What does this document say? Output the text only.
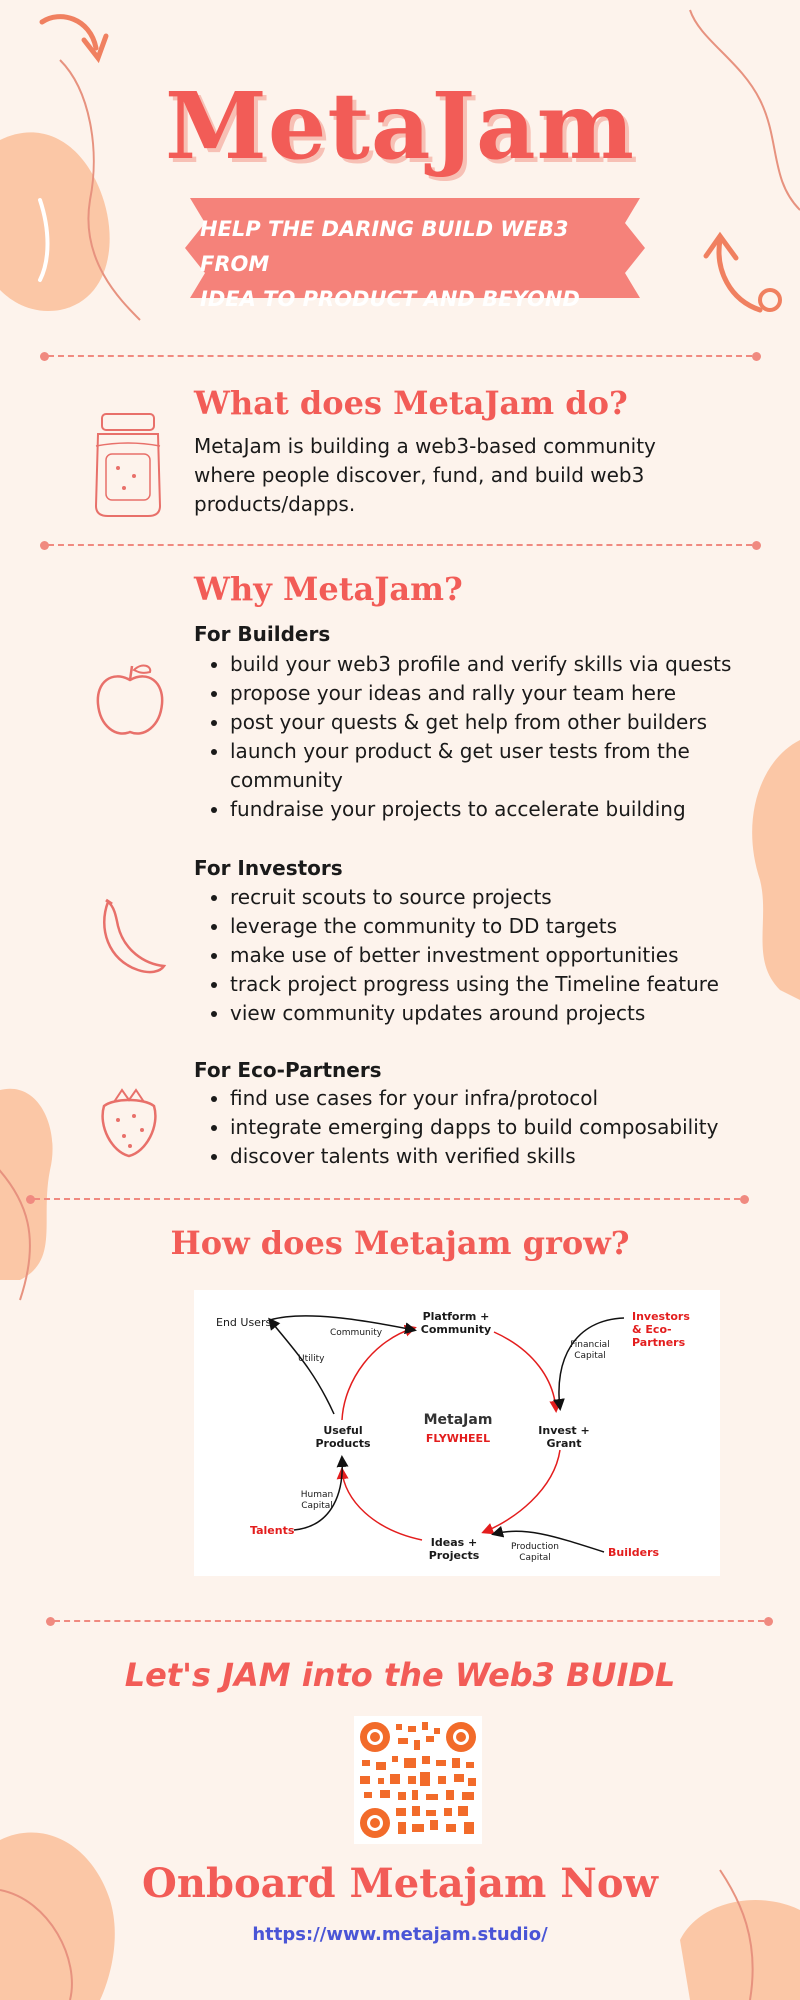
MetaJam
HELP THE DARING BUILD WEB3 FROM
IDEA TO PRODUCT AND BEYOND
What does MetaJam do?
MetaJam is building a web3-based community where people discover, fund, and build web3 products/dapps.
Why MetaJam?
For Builders
• build your web3 profile and verify skills via quests
• propose your ideas and rally your team here
• post your quests & get help from other builders
• launch your product & get user tests from the community
• fundraise your projects to accelerate building
For Investors
• recruit scouts to source projects
• leverage the community to DD targets
• make use of better investment opportunities
• track project progress using the Timeline feature
• view community updates around projects
For Eco-Partners
• find use cases for your infra/protocol
• integrate emerging dapps to build composability
• discover talents with verified skills
How does Metajam grow?
MetaJam
FLYWHEEL
Platform +
Community
Invest +
Grant
Ideas +
Projects
Useful
Products
End Users
Community
Utility
Investors
& Eco-Partners
Financial
Capital
Talents
Human
Capital
Builders
Production
Capital
Let's JAM into the Web3 BUIDL
Onboard Metajam Now
https://www.metajam.studio/
